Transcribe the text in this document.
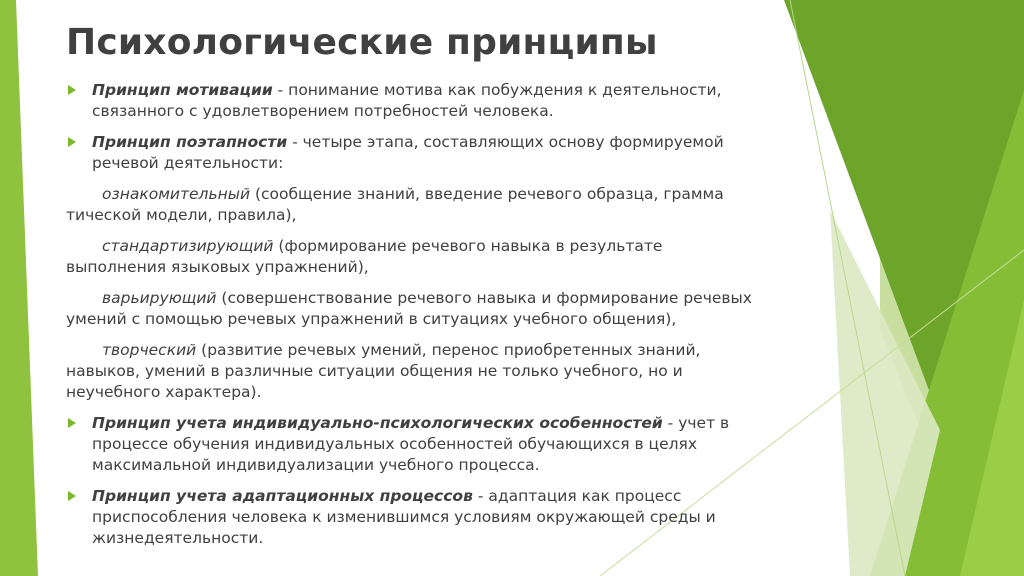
Психологические принципы
Принцип мотивации - понимание мотива как побуждения к деятельности, связанного с удовлетворением потребностей человека.
Принцип поэтапности - четыре этапа, составляющих основу формируемой речевой деятельности:
ознакомительный (сообщение знаний, введение речевого образца, грамма тической модели, правила),
стандартизирующий (формирование речевого навыка в результате выполнения языковых упражнений),
варьирующий (совершенствование речевого навыка и формирование речевых умений с помощью речевых упражнений в ситуациях учебного общения),
творческий (развитие речевых умений, перенос приобретенных знаний, навыков, умений в различные ситуации общения не только учебного, но и неучебного характера).
Принцип учета индивидуально-психологических особенностей - учет в процессе обучения индивидуальных особенностей обучающихся в целях максимальной индивидуализации учебного процесса.
Принцип учета адаптационных процессов - адаптация как процесс приспособления человека к изменившимся условиям окружающей среды и жизнедеятельности.
